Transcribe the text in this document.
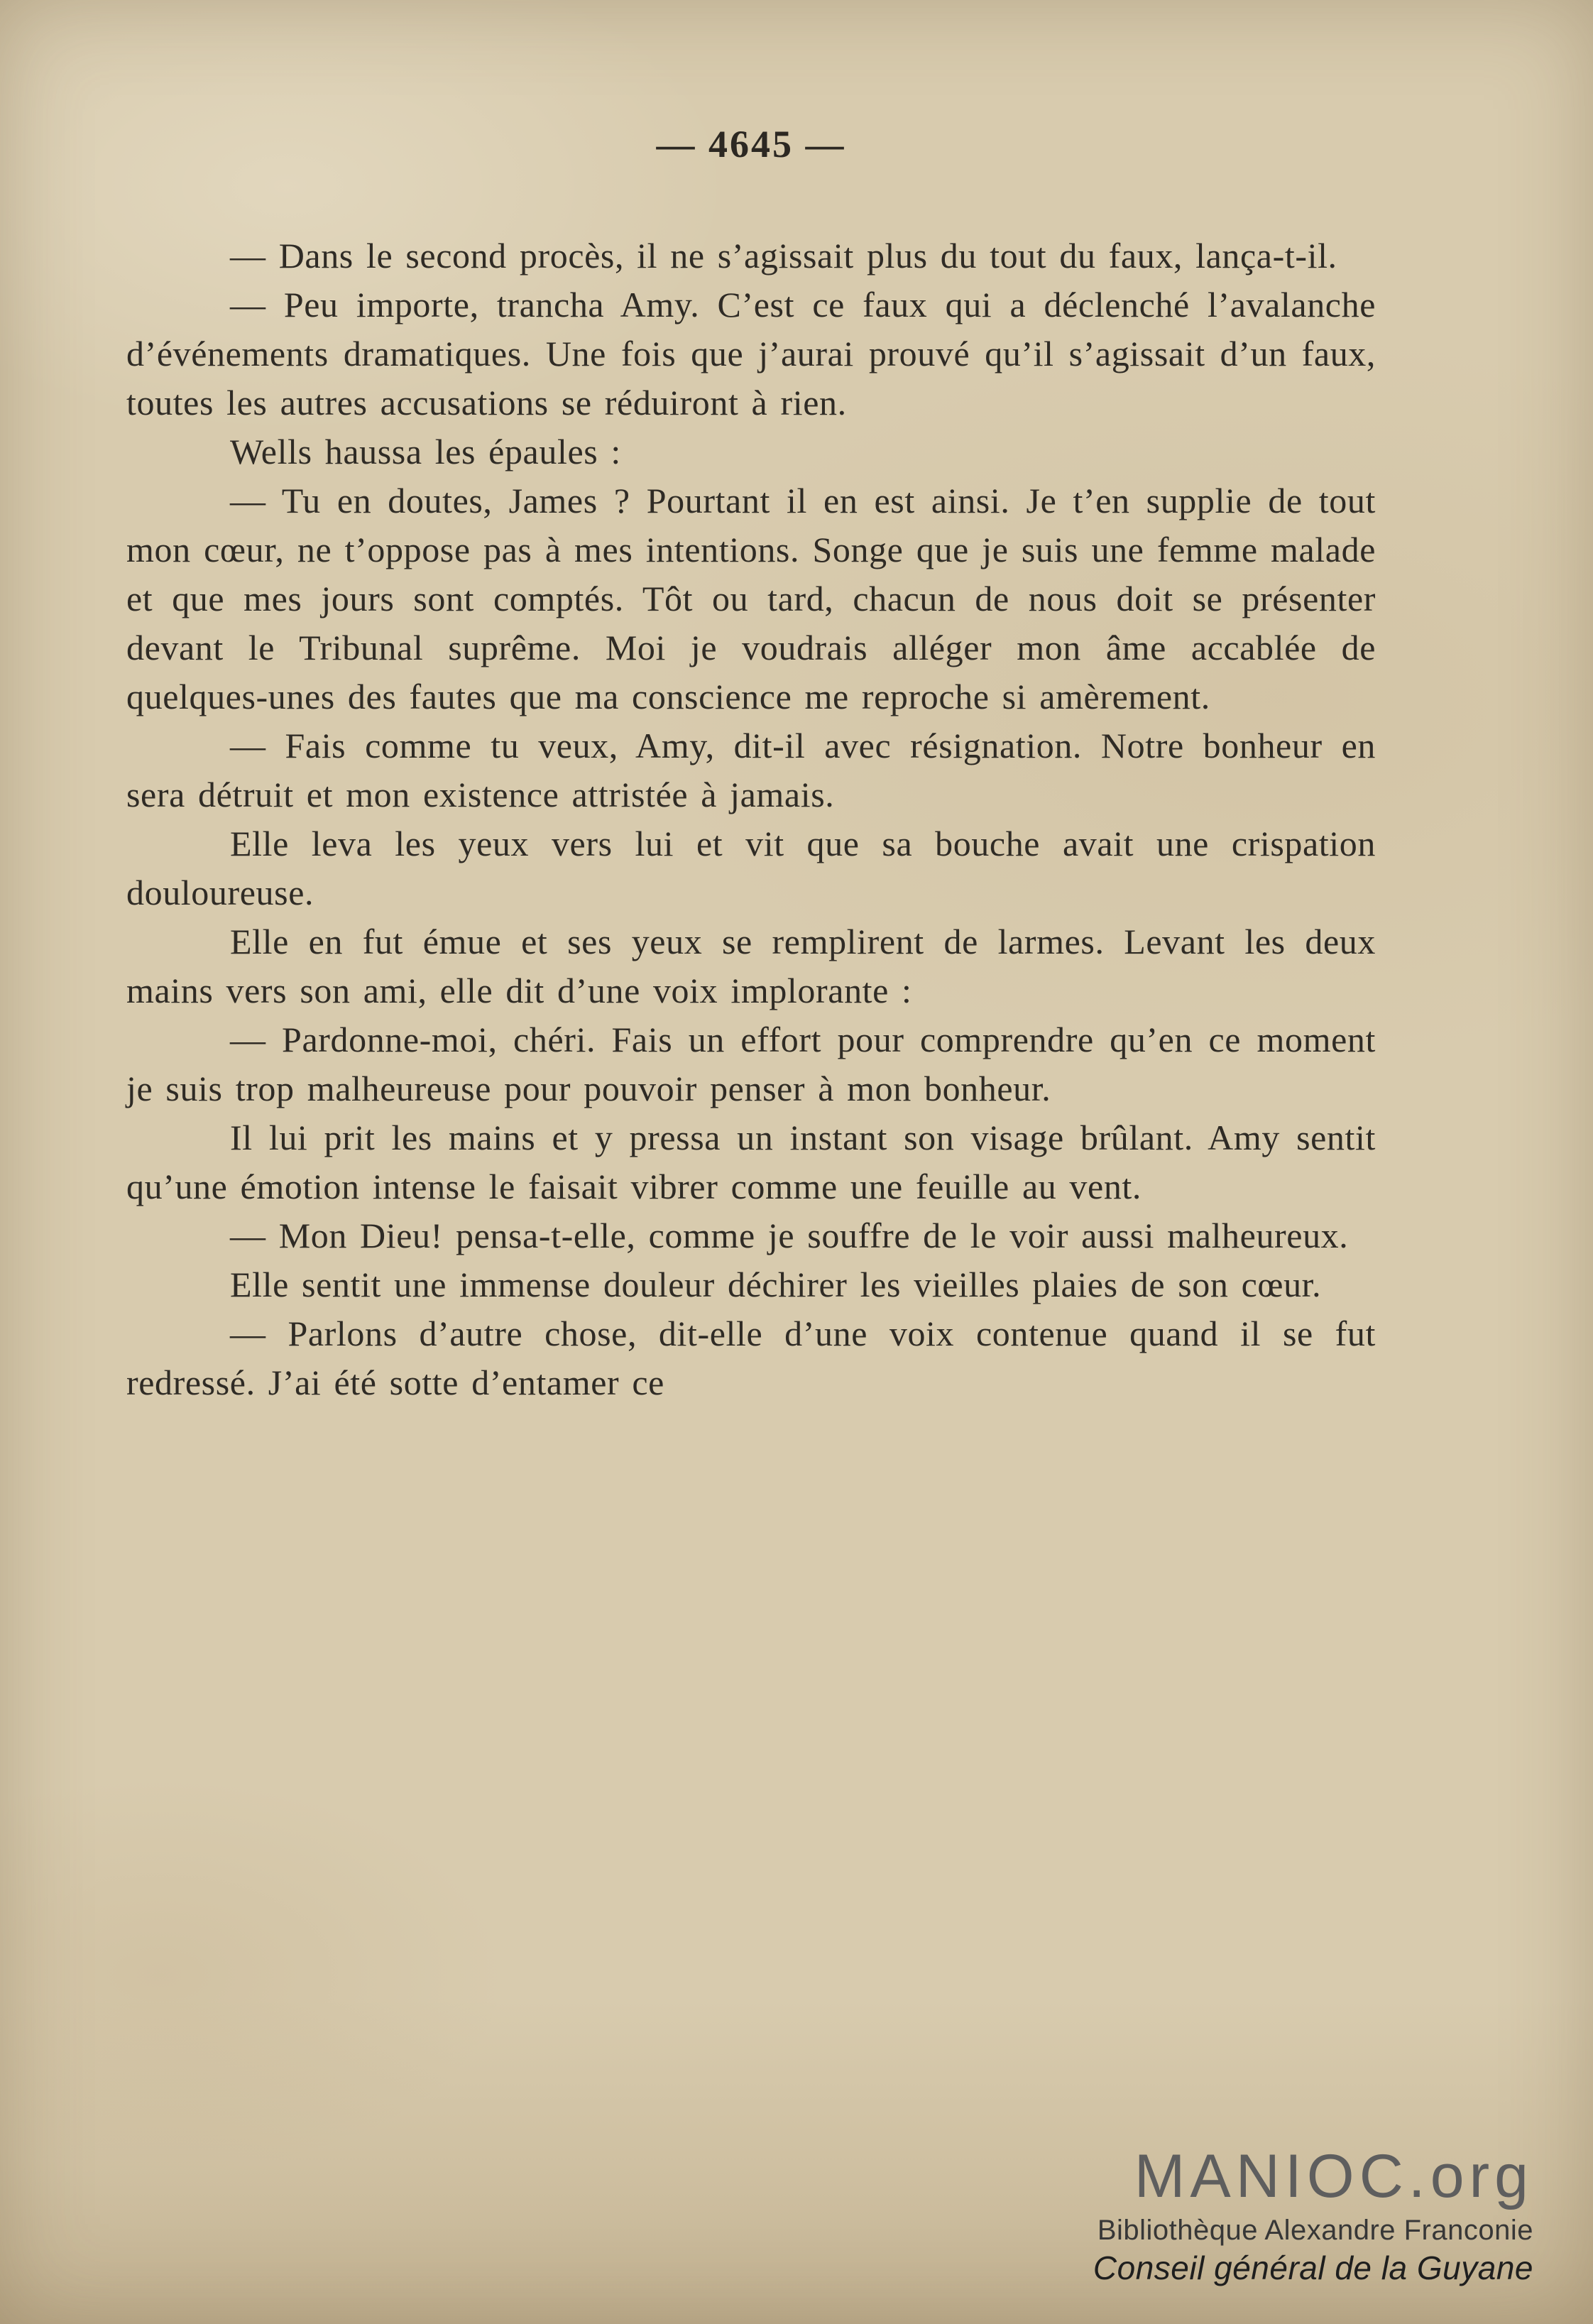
— 4645 —

— Dans le second procès, il ne s’agissait plus du tout du faux, lança-t-il.

— Peu importe, trancha Amy. C’est ce faux qui a déclenché l’avalanche d’événements dramatiques. Une fois que j’aurai prouvé qu’il s’agissait d’un faux, toutes les autres accusations se réduiront à rien.

Wells haussa les épaules :

— Tu en doutes, James ? Pourtant il en est ainsi. Je t’en supplie de tout mon cœur, ne t’oppose pas à mes intentions. Songe que je suis une femme malade et que mes jours sont comptés. Tôt ou tard, chacun de nous doit se présenter devant le Tribunal suprême. Moi je voudrais alléger mon âme accablée de quelques-unes des fautes que ma conscience me reproche si amèrement.

— Fais comme tu veux, Amy, dit-il avec résignation. Notre bonheur en sera détruit et mon existence attristée à jamais.

Elle leva les yeux vers lui et vit que sa bouche avait une crispation douloureuse.

Elle en fut émue et ses yeux se remplirent de larmes. Levant les deux mains vers son ami, elle dit d’une voix implorante :

— Pardonne-moi, chéri. Fais un effort pour comprendre qu’en ce moment je suis trop malheureuse pour pouvoir penser à mon bonheur.

Il lui prit les mains et y pressa un instant son visage brûlant. Amy sentit qu’une émotion intense le faisait vibrer comme une feuille au vent.

— Mon Dieu! pensa-t-elle, comme je souffre de le voir aussi malheureux.

Elle sentit une immense douleur déchirer les vieilles plaies de son cœur.

— Parlons d’autre chose, dit-elle d’une voix contenue quand il se fut redressé. J’ai été sotte d’entamer ce

MANIOC.org
Bibliothèque Alexandre Franconie
Conseil général de la Guyane
